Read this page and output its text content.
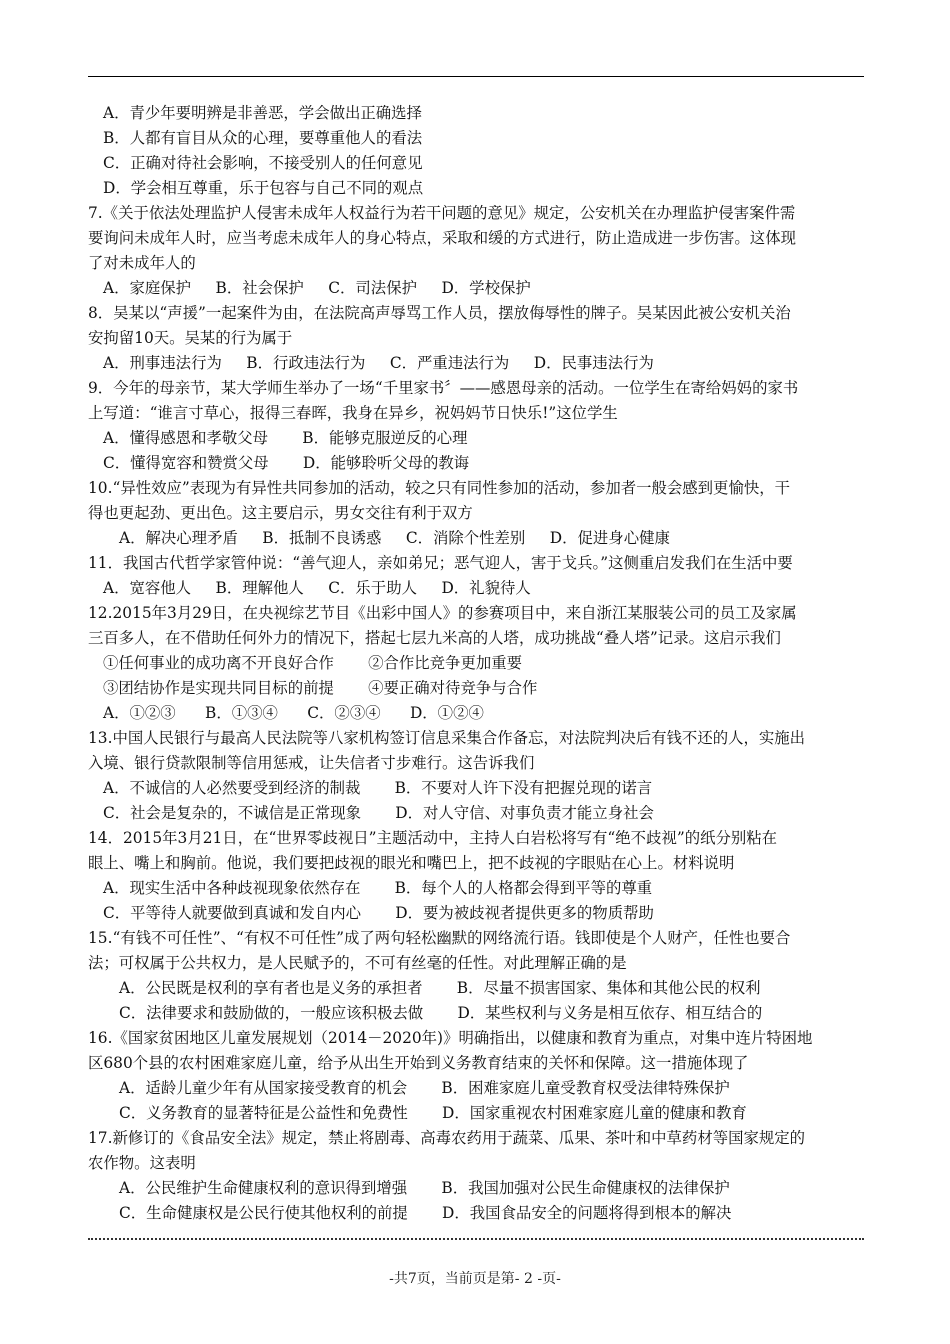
A．青少年要明辨是非善恶，学会做出正确选择
B．人都有盲目从众的心理，要尊重他人的看法
C．正确对待社会影响，不接受别人的任何意见
D．学会相互尊重，乐于包容与自己不同的观点
7.《关于依法处理监护人侵害未成年人权益行为若干问题的意见》规定，公安机关在办理监护侵害案件需
要询问未成年人时，应当考虑未成年人的身心特点，采取和缓的方式进行，防止造成进一步伤害。这体现
了对未成年人的
A．家庭保护     B．社会保护     C．司法保护     D．学校保护
8．吴某以“声援”一起案件为由，在法院高声辱骂工作人员，摆放侮辱性的牌子。吴某因此被公安机关治
安拘留10天。吴某的行为属于
A．刑事违法行为     B．行政违法行为     C．严重违法行为     D．民事违法行为
9．今年的母亲节，某大学师生举办了一场“千里家书〞——感恩母亲的活动。一位学生在寄给妈妈的家书
上写道：“谁言寸草心，报得三春晖，我身在异乡，祝妈妈节日快乐!”这位学生
A．懂得感恩和孝敬父母       B．能够克服逆反的心理
C．懂得宽容和赞赏父母       D．能够聆听父母的教诲
10.“异性效应”表现为有异性共同参加的活动，较之只有同性参加的活动，参加者一般会感到更愉快，干
得也更起劲、更出色。这主要启示，男女交往有利于双方
A．解决心理矛盾     B．抵制不良诱惑     C．消除个性差别     D．促进身心健康
11．我国古代哲学家管仲说：“善气迎人，亲如弟兄；恶气迎人，害于戈兵。”这侧重启发我们在生活中要
A．宽容他人     B．理解他人     C．乐于助人     D．礼貌待人
12.2015年3月29日，在央视综艺节目《出彩中国人》的参赛项目中，来自浙江某服装公司的员工及家属
三百多人，在不借助任何外力的情况下，搭起七层九米高的人塔，成功挑战“叠人塔”记录。这启示我们
①任何事业的成功离不开良好合作       ②合作比竞争更加重要
③团结协作是实现共同目标的前提       ④要正确对待竞争与合作
A．①②③      B．①③④      C．②③④      D．①②④
13.中国人民银行与最高人民法院等八家机构签订信息采集合作备忘，对法院判决后有钱不还的人，实施出
入境、银行贷款限制等信用惩戒，让失信者寸步难行。这告诉我们
A．不诚信的人必然要受到经济的制裁       B．不要对人许下没有把握兑现的诺言
C．社会是复杂的，不诚信是正常现象       D．对人守信、对事负责才能立身社会
14．2015年3月21日，在“世界零歧视日”主题活动中，主持人白岩松将写有“绝不歧视”的纸分别粘在
眼上、嘴上和胸前。他说，我们要把歧视的眼光和嘴巴上，把不歧视的字眼贴在心上。材料说明
A．现实生活中各种歧视现象依然存在       B．每个人的人格都会得到平等的尊重
C．平等待人就要做到真诚和发自内心       D．要为被歧视者提供更多的物质帮助
15.“有钱不可任性”、“有权不可任性”成了两句轻松幽默的网络流行语。钱即使是个人财产，任性也要合
法；可权属于公共权力，是人民赋予的，不可有丝毫的任性。对此理解正确的是
A．公民既是权利的享有者也是义务的承担者       B．尽量不损害国家、集体和其他公民的权利
C．法律要求和鼓励做的，一般应该积极去做       D．某些权利与义务是相互依存、相互结合的
16.《国家贫困地区儿童发展规划（2014－2020年)》明确指出，以健康和教育为重点，对集中连片特困地
区680个县的农村困难家庭儿童，给予从出生开始到义务教育结束的关怀和保障。这一措施体现了
A．适龄儿童少年有从国家接受教育的机会       B．困难家庭儿童受教育权受法律特殊保护
C．义务教育的显著特征是公益性和免费性       D．国家重视农村困难家庭儿童的健康和教育
17.新修订的《食品安全法》规定，禁止将剧毒、高毒农药用于蔬菜、瓜果、茶叶和中草药材等国家规定的
农作物。这表明
A．公民维护生命健康权利的意识得到增强       B．我国加强对公民生命健康权的法律保护
C．生命健康权是公民行使其他权利的前提       D．我国食品安全的问题将得到根本的解决
-共7页，当前页是第- 2 -页-
